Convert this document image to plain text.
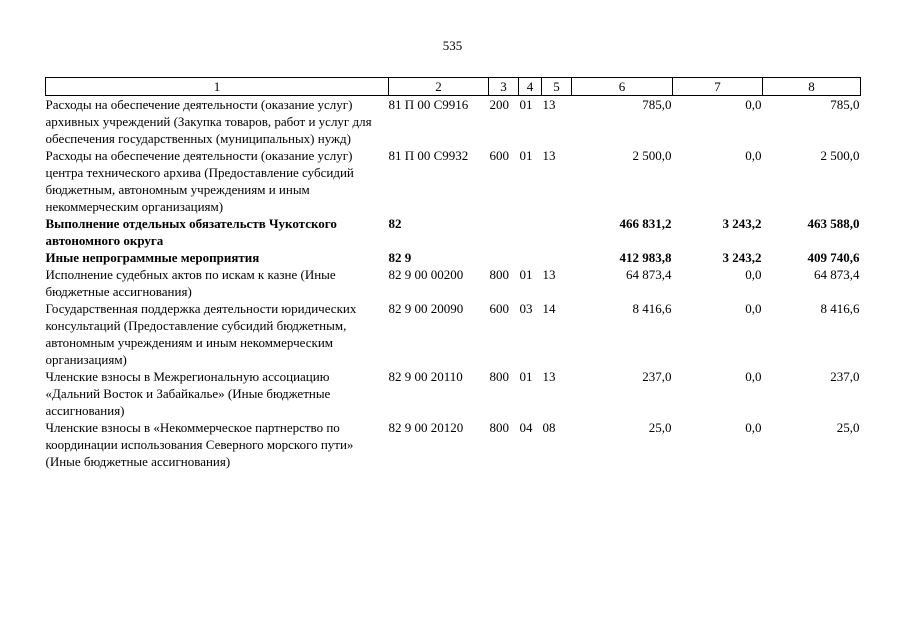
535
1	2	3	4	5	6	7	8
Расходы на обеспечение деятельности (оказание услуг) архивных учреждений (Закупка товаров, работ и услуг для обеспечения государственных (муниципальных) нужд)	81 П 00 С9916	200	01	13	785,0	0,0	785,0
Расходы на обеспечение деятельности (оказание услуг) центра технического архива (Предоставление субсидий бюджетным, автономным учреждениям и иным некоммерческим организациям)	81 П 00 С9932	600	01	13	2 500,0	0,0	2 500,0
Выполнение отдельных обязательств Чукотского автономного округа	82				466 831,2	3 243,2	463 588,0
Иные непрограммные мероприятия	82 9				412 983,8	3 243,2	409 740,6
Исполнение судебных актов по искам к казне (Иные бюджетные ассигнования)	82 9 00 00200	800	01	13	64 873,4	0,0	64 873,4
Государственная поддержка деятельности юридических консультаций (Предоставление субсидий бюджетным, автономным учреждениям и иным некоммерческим организациям)	82 9 00 20090	600	03	14	8 416,6	0,0	8 416,6
Членские взносы в Межрегиональную ассоциацию «Дальний Восток и Забайкалье» (Иные бюджетные ассигнования)	82 9 00 20110	800	01	13	237,0	0,0	237,0
Членские взносы в «Некоммерческое партнерство по координации использования Северного морского пути» (Иные бюджетные ассигнования)	82 9 00 20120	800	04	08	25,0	0,0	25,0
